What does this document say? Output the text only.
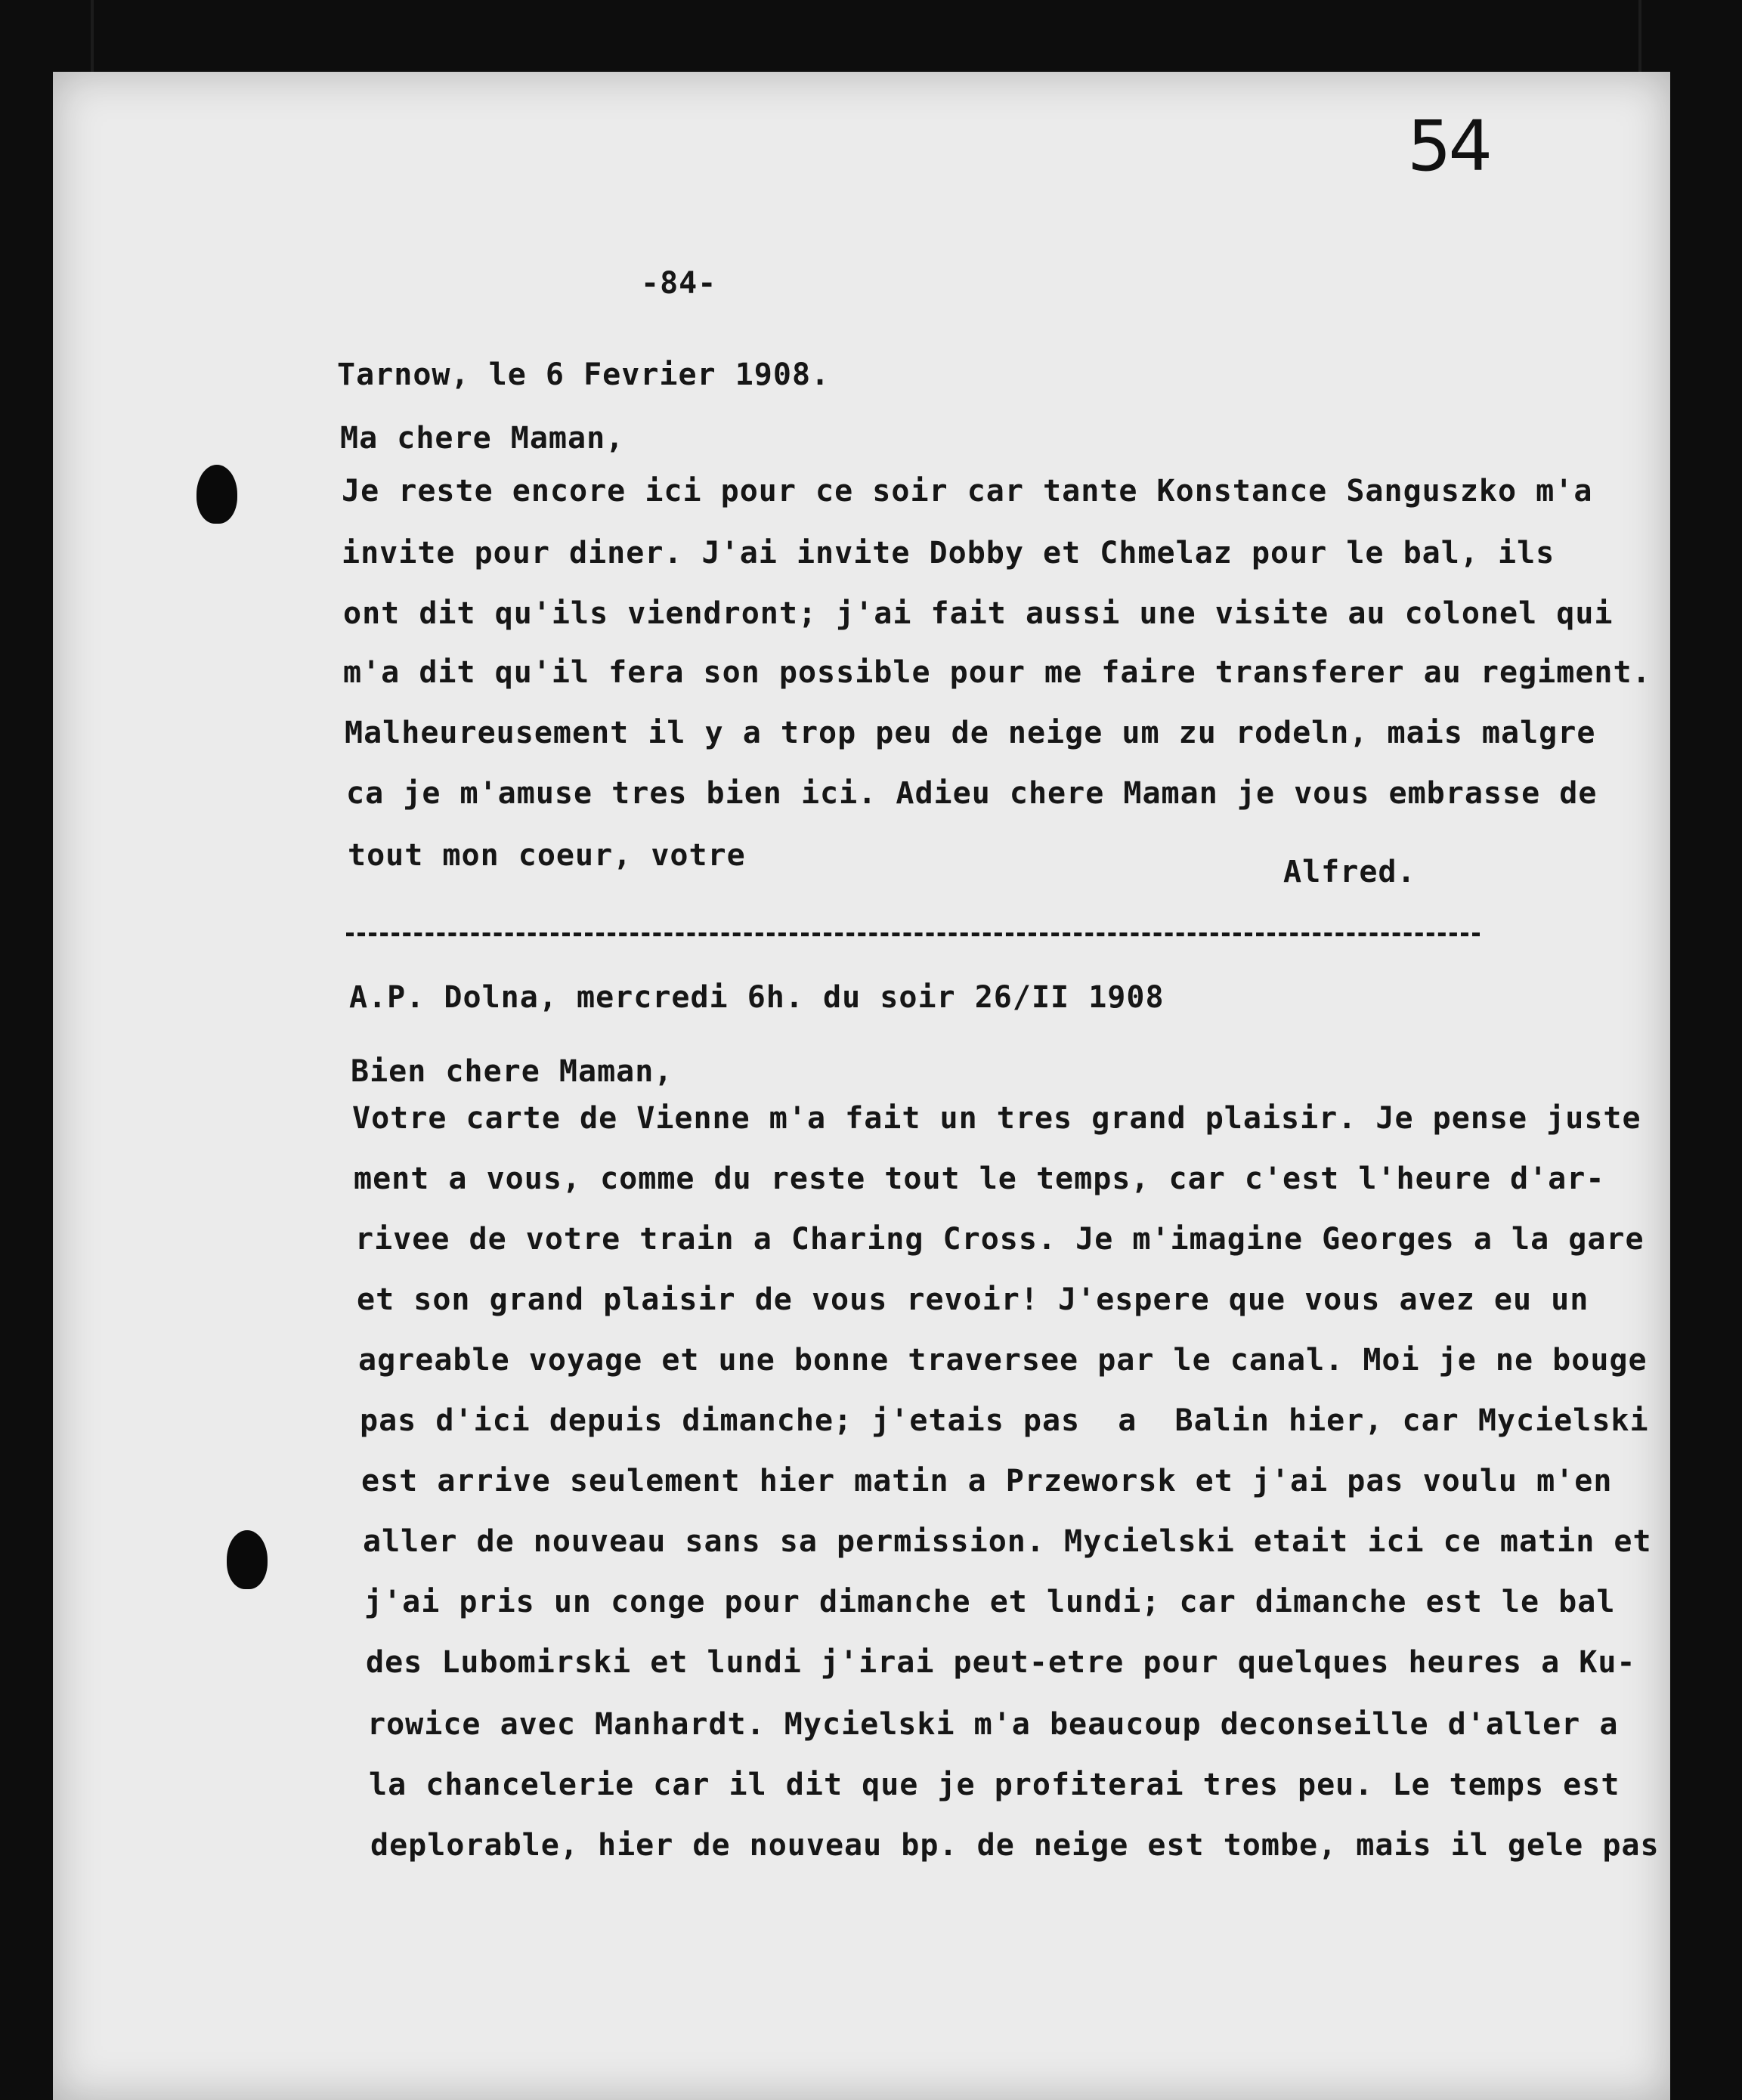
54
-84-
Tarnow, le 6 Fevrier 1908.
Ma chere Maman,
Je reste encore ici pour ce soir car tante Konstance Sanguszko m'a
invite pour diner. J'ai invite Dobby et Chmelaz pour le bal, ils
ont dit qu'ils viendront; j'ai fait aussi une visite au colonel qui
m'a dit qu'il fera son possible pour me faire transferer au regiment.
Malheureusement il y a trop peu de neige um zu rodeln, mais malgre
ca je m'amuse tres bien ici. Adieu chere Maman je vous embrasse de
tout mon coeur, votre	Alfred.
A.P. Dolna, mercredi 6h. du soir 26/II 1908
Bien chere Maman,
Votre carte de Vienne m'a fait un tres grand plaisir. Je pense juste
ment a vous, comme du reste tout le temps, car c'est l'heure d'ar-
rivee de votre train a Charing Cross. Je m'imagine Georges a la gare
et son grand plaisir de vous revoir! J'espere que vous avez eu un
agreable voyage et une bonne traversee par le canal. Moi je ne bouge
pas d'ici depuis dimanche; j'etais pas  a  Balin hier, car Mycielski
est arrive seulement hier matin a Przeworsk et j'ai pas voulu m'en
aller de nouveau sans sa permission. Mycielski etait ici ce matin et
j'ai pris un conge pour dimanche et lundi; car dimanche est le bal
des Lubomirski et lundi j'irai peut-etre pour quelques heures a Ku-
rowice avec Manhardt. Mycielski m'a beaucoup deconseille d'aller a
la chancelerie car il dit que je profiterai tres peu. Le temps est
deplorable, hier de nouveau bp. de neige est tombe, mais il gele pas
